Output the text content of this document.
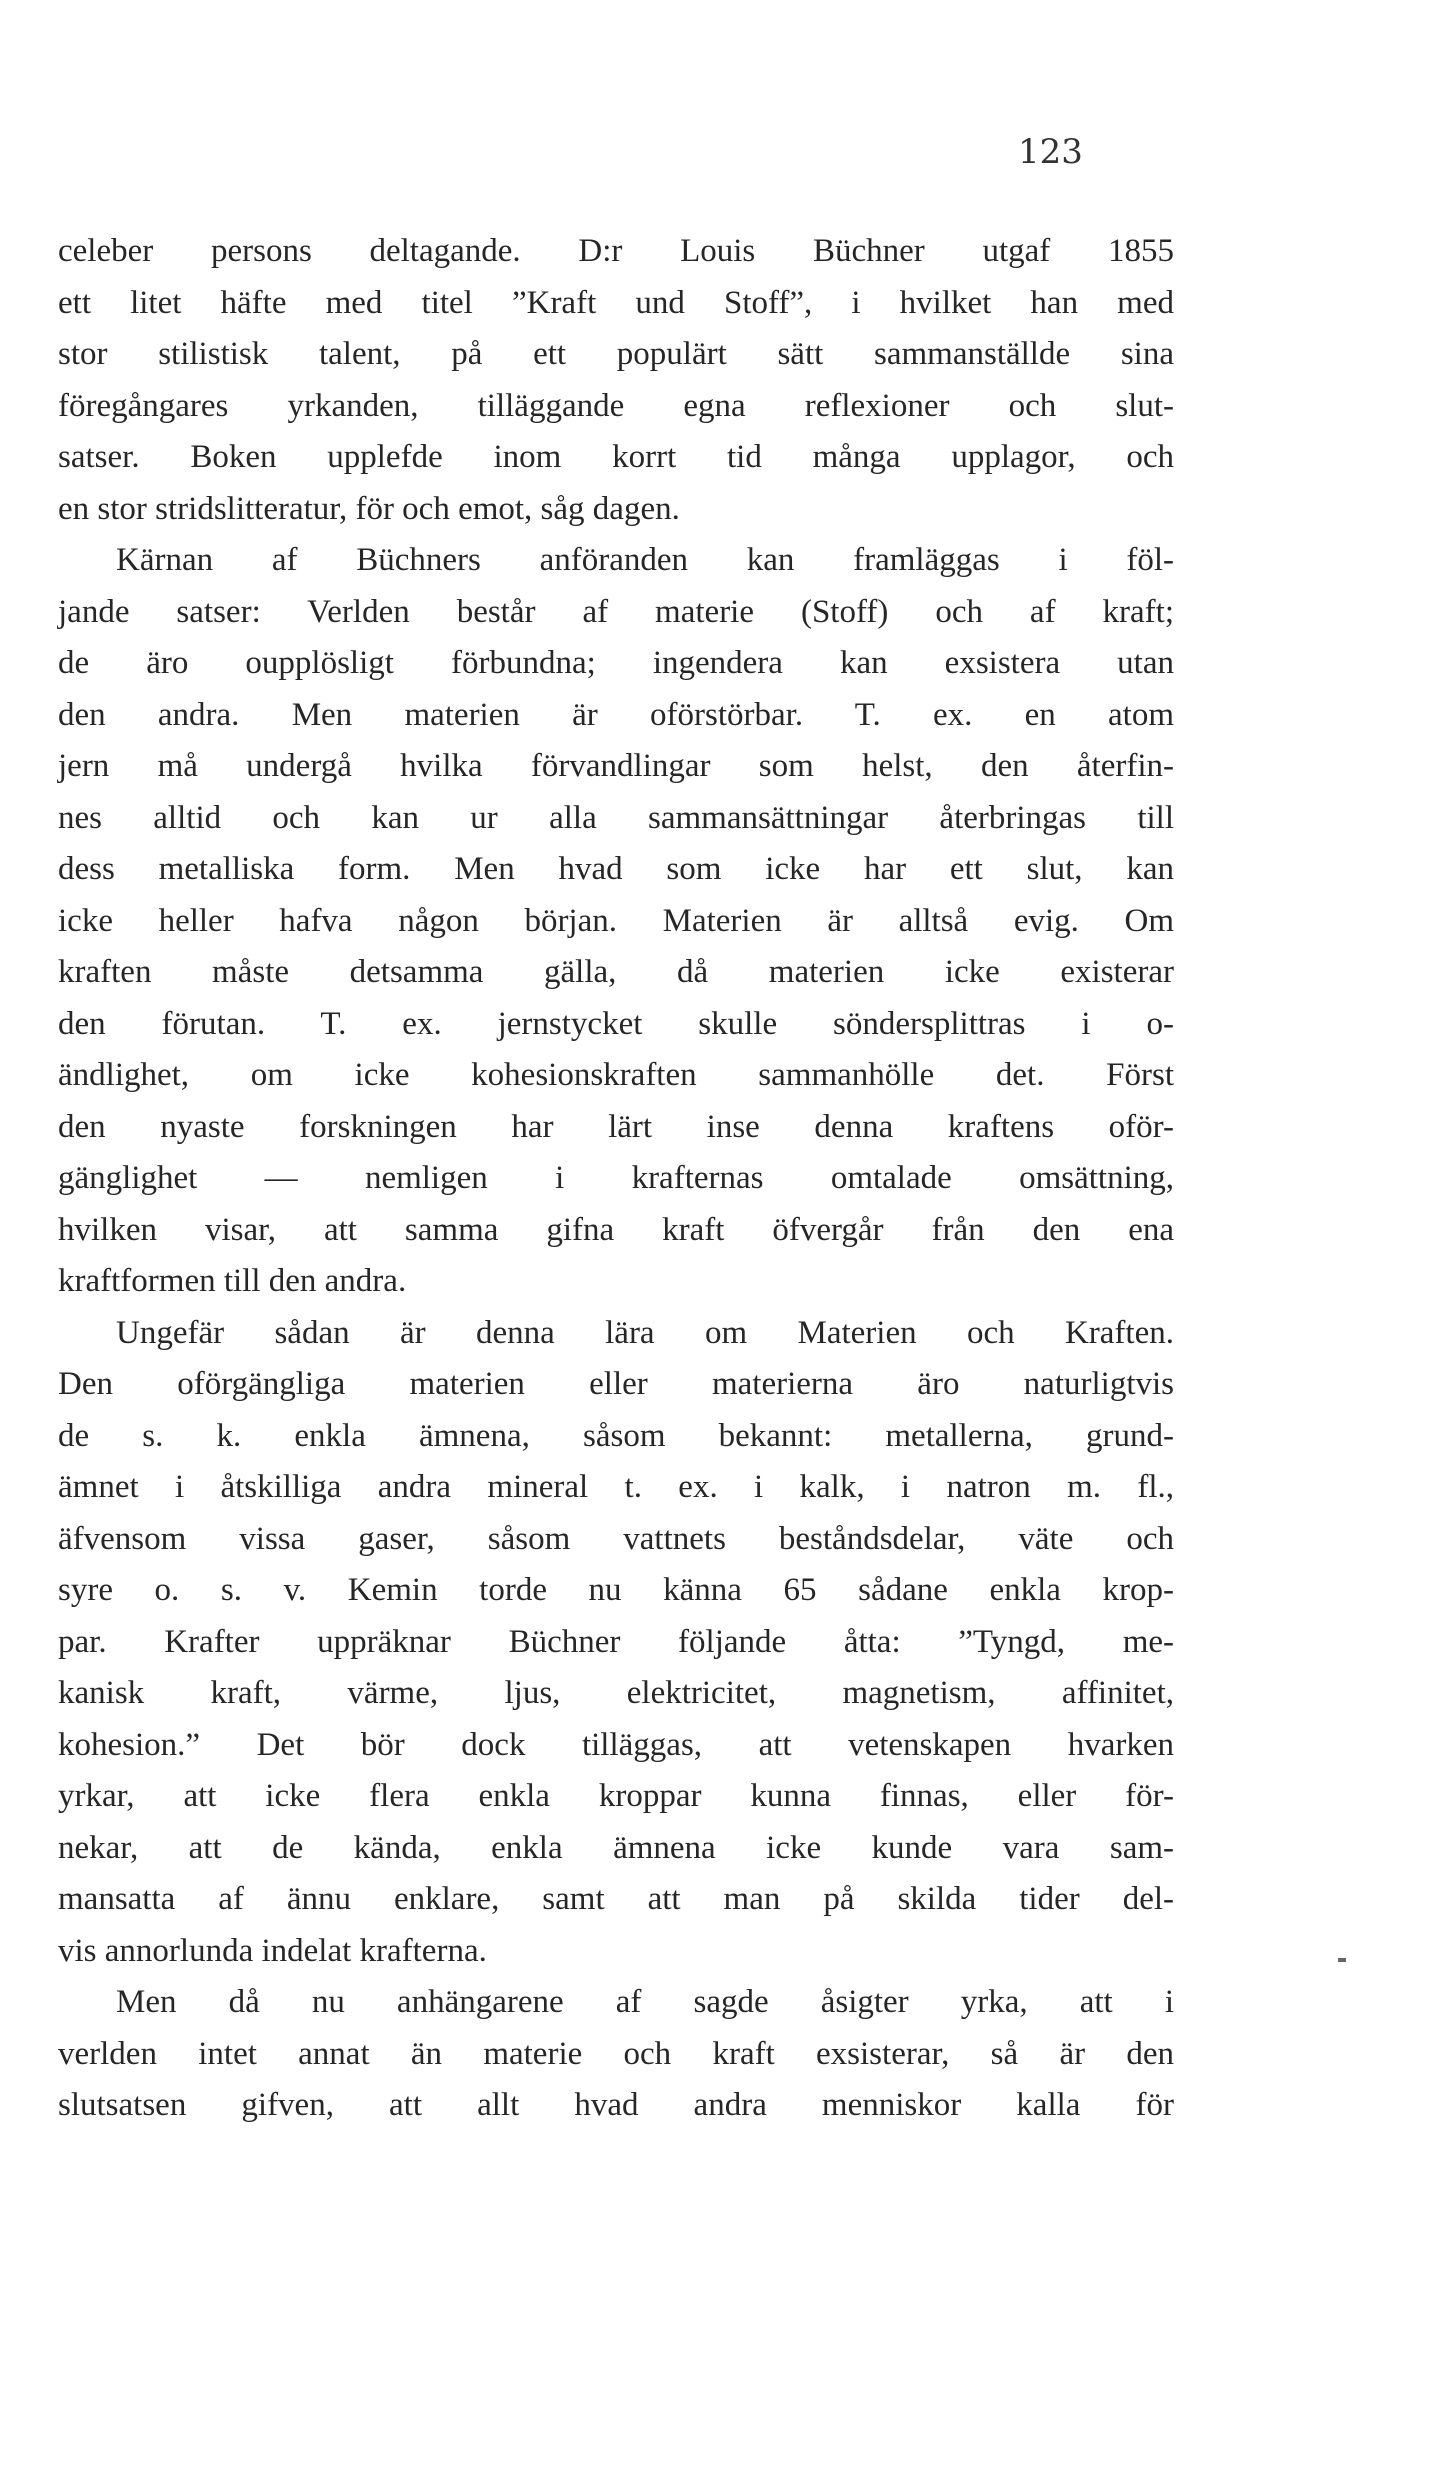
123
celeber persons deltagande. D:r Louis Büchner utgaf 1855
ett litet häfte med titel ”Kraft und Stoff”, i hvilket han med
stor stilistisk talent, på ett populärt sätt sammanställde sina
föregångares yrkanden, tilläggande egna reflexioner och slut-
satser. Boken upplefde inom korrt tid många upplagor, och
en stor stridslitteratur, för och emot, såg dagen.
Kärnan af Büchners anföranden kan framläggas i föl-
jande satser: Verlden består af materie (Stoff) och af kraft;
de äro oupplösligt förbundna; ingendera kan exsistera utan
den andra. Men materien är oförstörbar. T. ex. en atom
jern må undergå hvilka förvandlingar som helst, den återfin-
nes alltid och kan ur alla sammansättningar återbringas till
dess metalliska form. Men hvad som icke har ett slut, kan
icke heller hafva någon början. Materien är alltså evig. Om
kraften måste detsamma gälla, då materien icke existerar
den förutan. T. ex. jernstycket skulle söndersplittras i o-
ändlighet, om icke kohesionskraften sammanhölle det. Först
den nyaste forskningen har lärt inse denna kraftens oför-
gänglighet — nemligen i krafternas omtalade omsättning,
hvilken visar, att samma gifna kraft öfvergår från den ena
kraftformen till den andra.
Ungefär sådan är denna lära om Materien och Kraften.
Den oförgängliga materien eller materierna äro naturligtvis
de s. k. enkla ämnena, såsom bekannt: metallerna, grund-
ämnet i åtskilliga andra mineral t. ex. i kalk, i natron m. fl.,
äfvensom vissa gaser, såsom vattnets beståndsdelar, väte och
syre o. s. v. Kemin torde nu känna 65 sådane enkla krop-
par. Krafter uppräknar Büchner följande åtta: ”Tyngd, me-
kanisk kraft, värme, ljus, elektricitet, magnetism, affinitet,
kohesion.” Det bör dock tilläggas, att vetenskapen hvarken
yrkar, att icke flera enkla kroppar kunna finnas, eller för-
nekar, att de kända, enkla ämnena icke kunde vara sam-
mansatta af ännu enklare, samt att man på skilda tider del-
vis annorlunda indelat krafterna.
Men då nu anhängarene af sagde åsigter yrka, att i
verlden intet annat än materie och kraft exsisterar, så är den
slutsatsen gifven, att allt hvad andra menniskor kalla för
